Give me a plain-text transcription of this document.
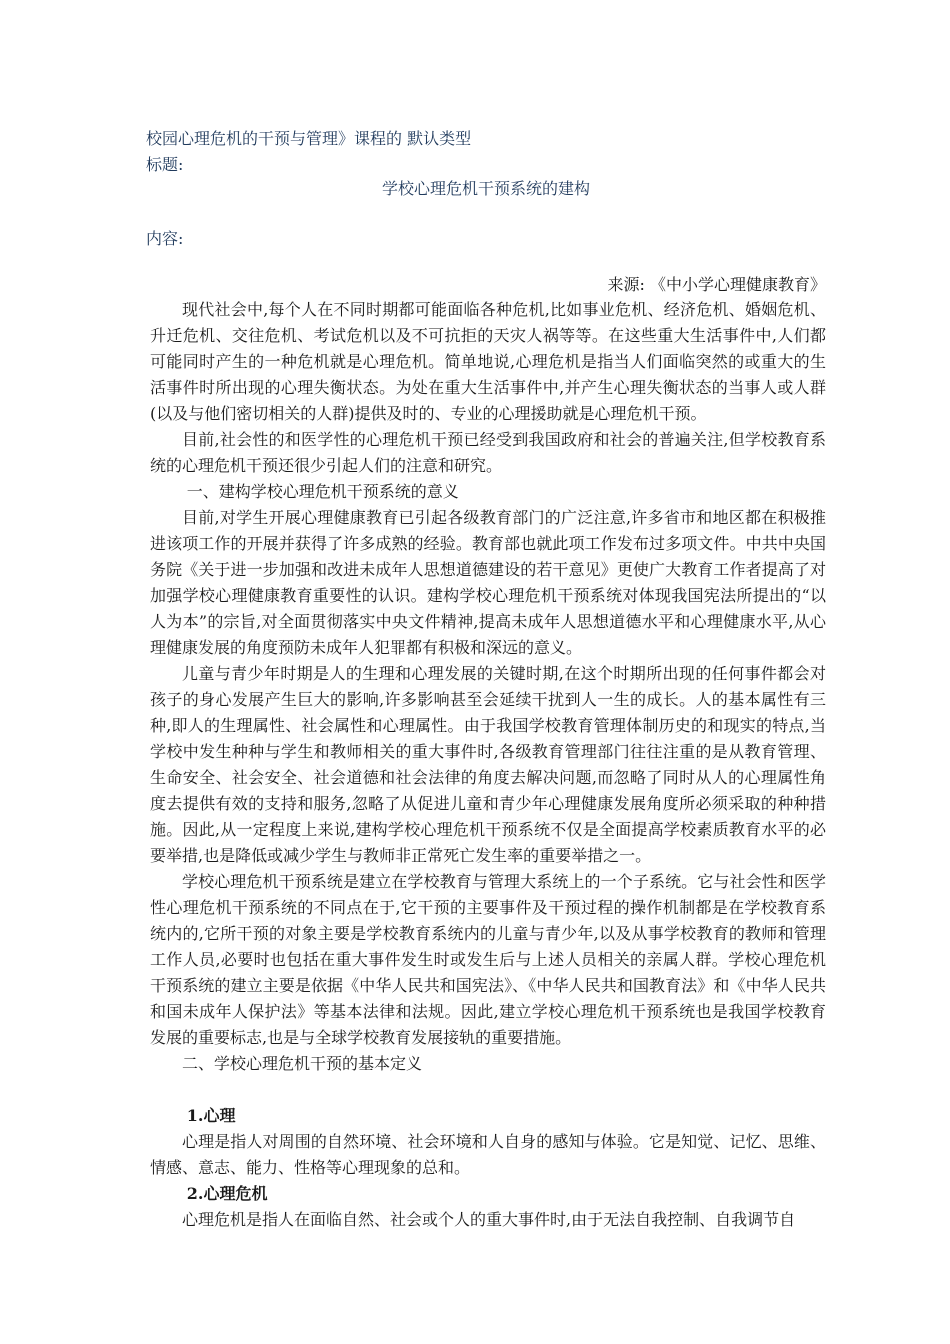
校园心理危机的干预与管理》课程的 默认类型
标题:
学校心理危机干预系统的建构
内容:
来源: 《中小学心理健康教育》

现代社会中,每个人在不同时期都可能面临各种危机,比如事业危机、经济危机、婚姻危机、升迁危机、交往危机、考试危机以及不可抗拒的天灾人祸等等。在这些重大生活事件中,人们都可能同时产生的一种危机就是心理危机。简单地说,心理危机是指当人们面临突然的或重大的生活事件时所出现的心理失衡状态。为处在重大生活事件中,并产生心理失衡状态的当事人或人群(以及与他们密切相关的人群)提供及时的、专业的心理援助就是心理危机干预。

目前,社会性的和医学性的心理危机干预已经受到我国政府和社会的普遍关注,但学校教育系统的心理危机干预还很少引起人们的注意和研究。

一、建构学校心理危机干预系统的意义

目前,对学生开展心理健康教育已引起各级教育部门的广泛注意,许多省市和地区都在积极推进该项工作的开展并获得了许多成熟的经验。教育部也就此项工作发布过多项文件。中共中央国务院《关于进一步加强和改进未成年人思想道德建设的若干意见》更使广大教育工作者提高了对加强学校心理健康教育重要性的认识。建构学校心理危机干预系统对体现我国宪法所提出的“以人为本”的宗旨,对全面贯彻落实中央文件精神,提高未成年人思想道德水平和心理健康水平,从心理健康发展的角度预防未成年人犯罪都有积极和深远的意义。

儿童与青少年时期是人的生理和心理发展的关键时期,在这个时期所出现的任何事件都会对孩子的身心发展产生巨大的影响,许多影响甚至会延续干扰到人一生的成长。人的基本属性有三种,即人的生理属性、社会属性和心理属性。由于我国学校教育管理体制历史的和现实的特点,当学校中发生种种与学生和教师相关的重大事件时,各级教育管理部门往往注重的是从教育管理、生命安全、社会安全、社会道德和社会法律的角度去解决问题,而忽略了同时从人的心理属性角度去提供有效的支持和服务,忽略了从促进儿童和青少年心理健康发展角度所必须采取的种种措施。因此,从一定程度上来说,建构学校心理危机干预系统不仅是全面提高学校素质教育水平的必要举措,也是降低或减少学生与教师非正常死亡发生率的重要举措之一。

学校心理危机干预系统是建立在学校教育与管理大系统上的一个子系统。它与社会性和医学性心理危机干预系统的不同点在于,它干预的主要事件及干预过程的操作机制都是在学校教育系统内的,它所干预的对象主要是学校教育系统内的儿童与青少年,以及从事学校教育的教师和管理工作人员,必要时也包括在重大事件发生时或发生后与上述人员相关的亲属人群。学校心理危机干预系统的建立主要是依据《中华人民共和国宪法》、《中华人民共和国教育法》和《中华人民共和国未成年人保护法》等基本法律和法规。因此,建立学校心理危机干预系统也是我国学校教育发展的重要标志,也是与全球学校教育发展接轨的重要措施。

二、学校心理危机干预的基本定义

1.心理

心理是指人对周围的自然环境、社会环境和人自身的感知与体验。它是知觉、记忆、思维、情感、意志、能力、性格等心理现象的总和。

2.心理危机

心理危机是指人在面临自然、社会或个人的重大事件时,由于无法自我控制、自我调节自
